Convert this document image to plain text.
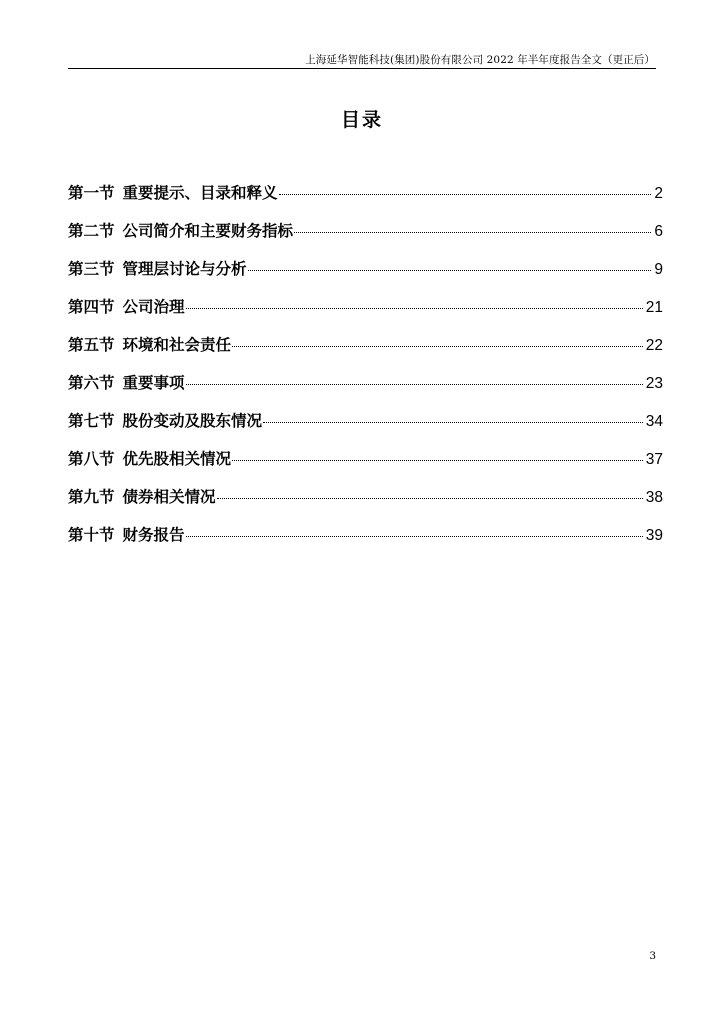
上海延华智能科技(集团)股份有限公司 2022 年半年度报告全文（更正后）
目录
第一节 重要提示、目录和释义	2
第二节 公司简介和主要财务指标	6
第三节 管理层讨论与分析	9
第四节 公司治理	21
第五节 环境和社会责任	22
第六节 重要事项	23
第七节 股份变动及股东情况	34
第八节 优先股相关情况	37
第九节 债券相关情况	38
第十节 财务报告	39
3
